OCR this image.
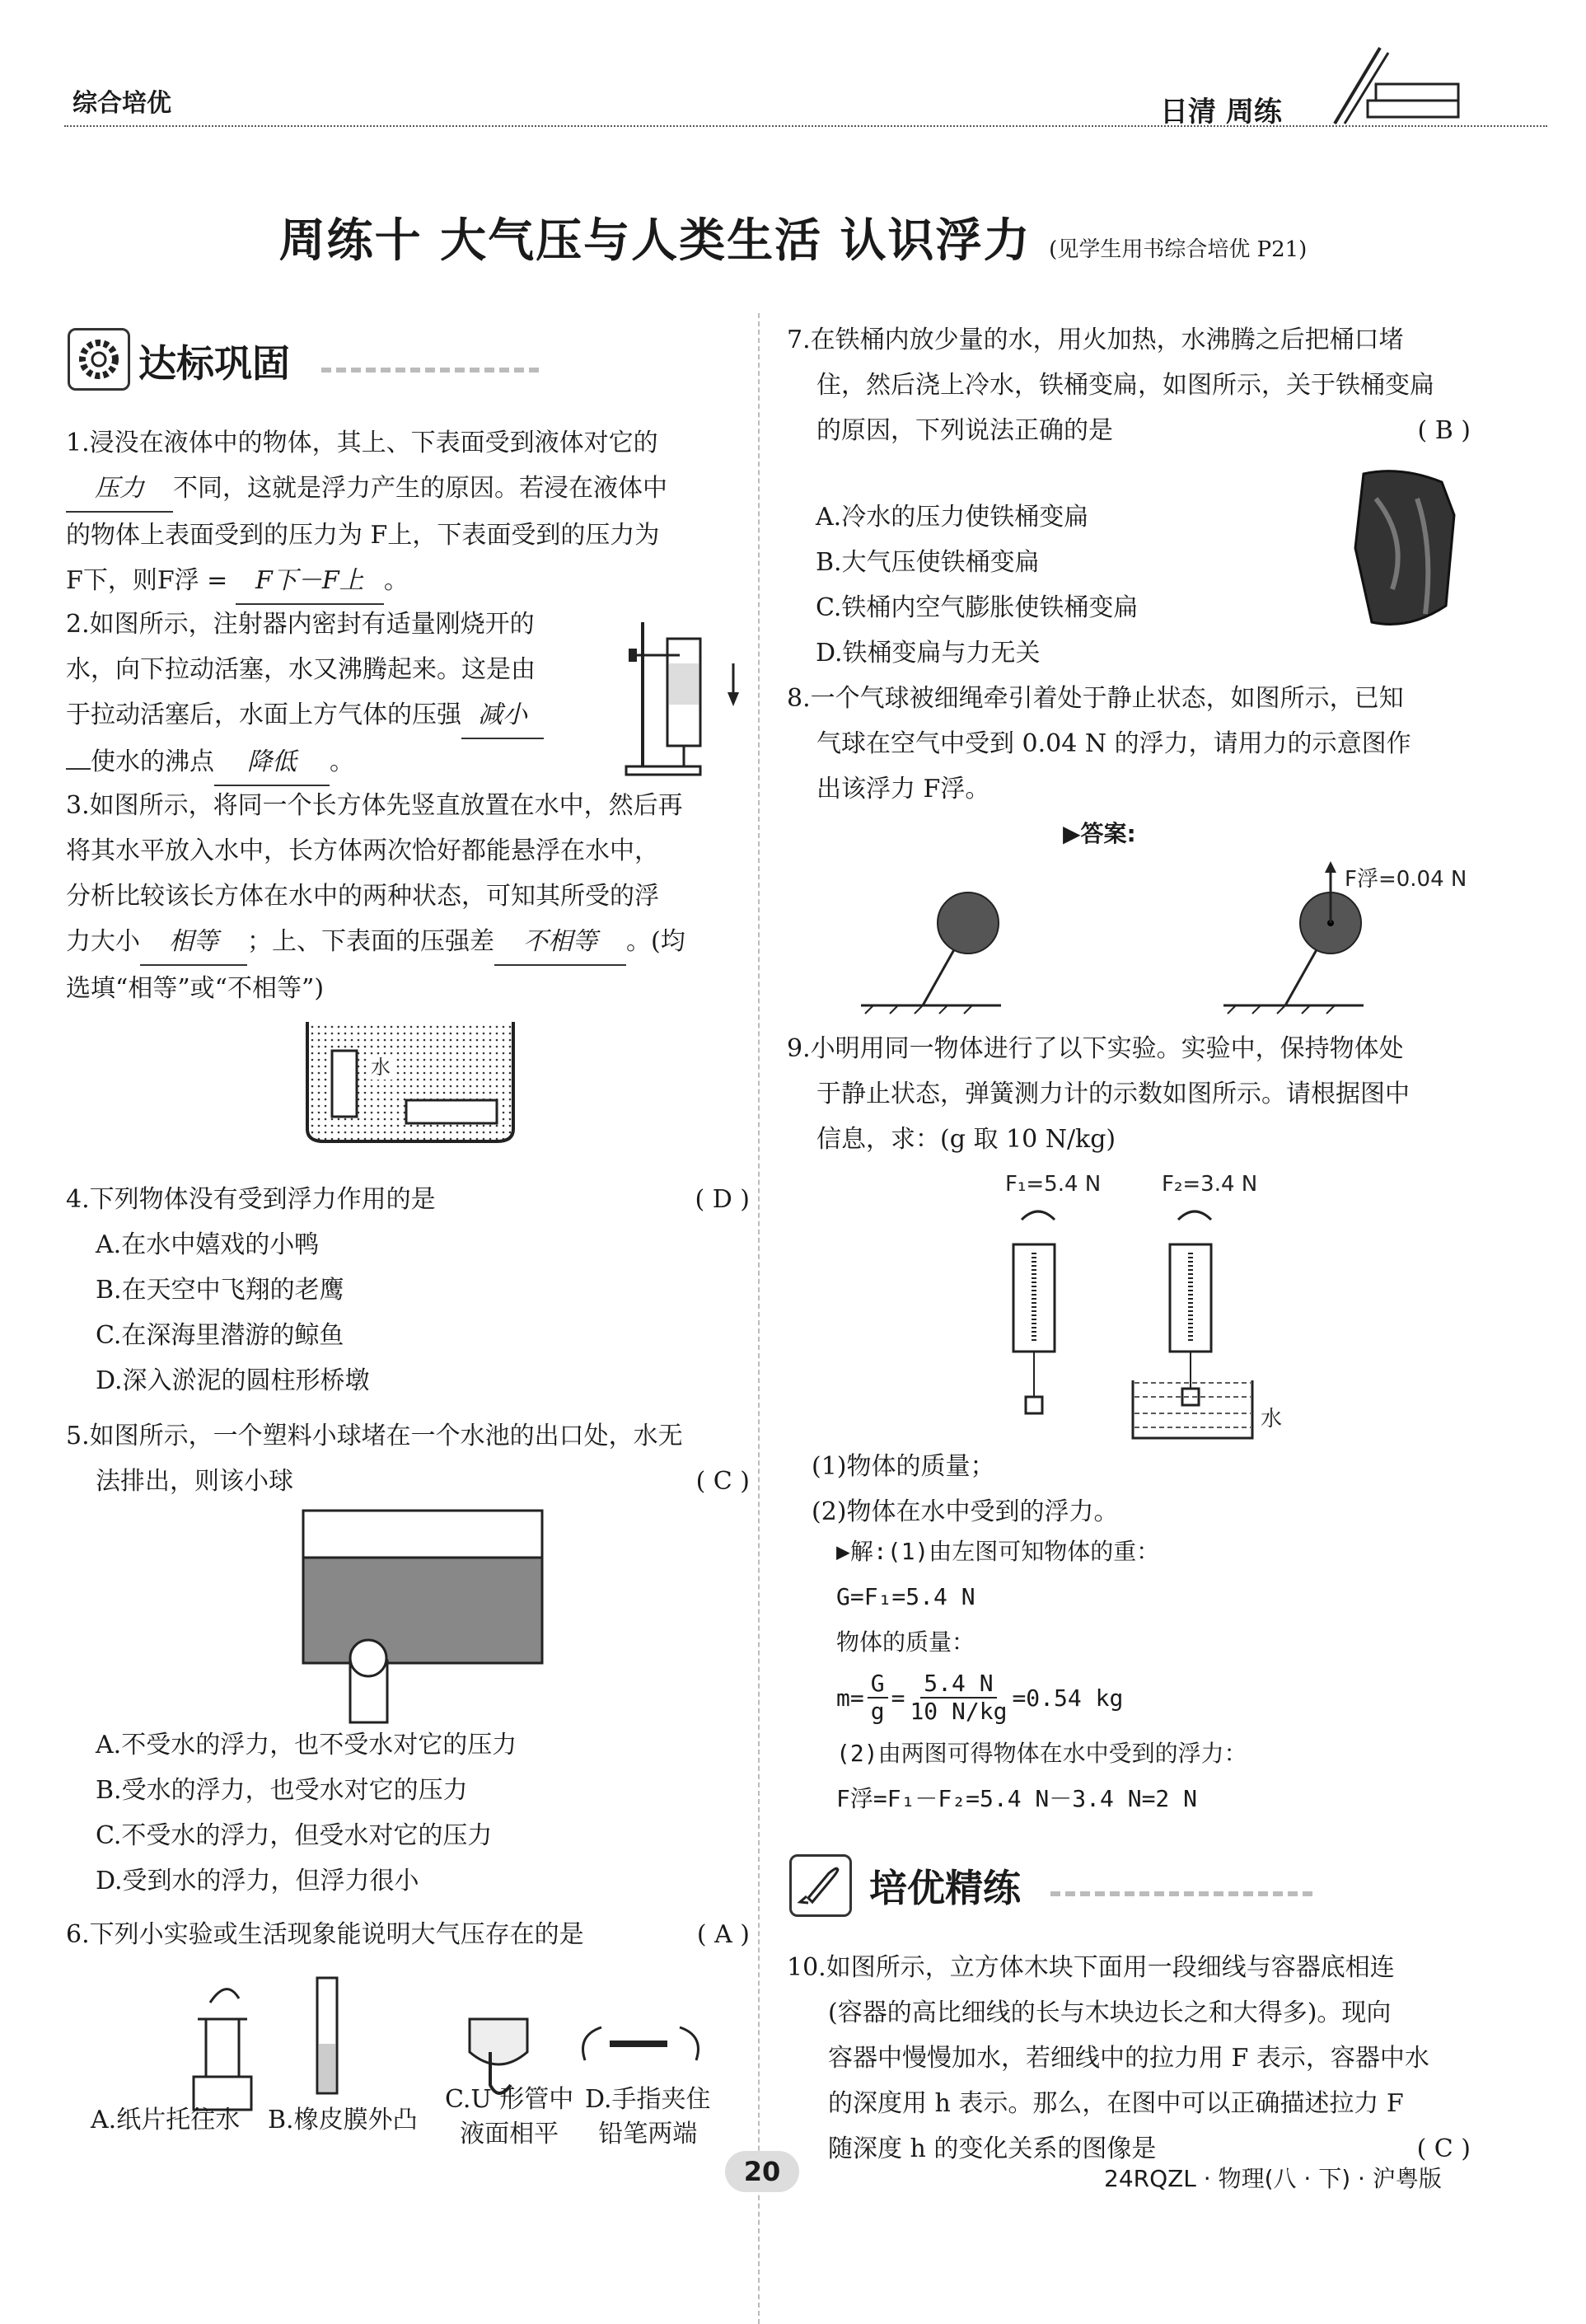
综合培优	日清 周练
周练十 大气压与人类生活 认识浮力 (见学生用书综合培优 P21)
达标巩固
1.浸没在液体中的物体，其上、下表面受到液体对它的
压力 不同，这就是浮力产生的原因。若浸在液体中
的物体上表面受到的压力为 F上，下表面受到的压力为
F下，则F浮 = F下－F上 。
2.如图所示，注射器内密封有适量刚烧开的
水，向下拉动活塞，水又沸腾起来。这是由
于拉动活塞后，水面上方气体的压强 减小
使水的沸点 降低 。
3.如图所示，将同一个长方体先竖直放置在水中，然后再
将其水平放入水中，长方体两次恰好都能悬浮在水中，
分析比较该长方体在水中的两种状态，可知其所受的浮
力大小 相等 ；上、下表面的压强差 不相等 。(均
选填“相等”或“不相等”)
水
4.下列物体没有受到浮力作用的是	( D )
A.在水中嬉戏的小鸭
B.在天空中飞翔的老鹰
C.在深海里潜游的鲸鱼
D.深入淤泥的圆柱形桥墩
5.如图所示，一个塑料小球堵在一个水池的出口处，水无
法排出，则该小球	( C )
A.不受水的浮力，也不受水对它的压力
B.受水的浮力，也受水对它的压力
C.不受水的浮力，但受水对它的压力
D.受到水的浮力，但浮力很小
6.下列小实验或生活现象能说明大气压存在的是	( A )
A.纸片托往水 B.橡皮膜外凸
C.U 形管中
液面相平
D.手指夹住
铅笔两端
7.在铁桶内放少量的水，用火加热，水沸腾之后把桶口堵
住，然后浇上冷水，铁桶变扁，如图所示，关于铁桶变扁
的原因，下列说法正确的是	( B )
A.冷水的压力使铁桶变扁
B.大气压使铁桶变扁
C.铁桶内空气膨胀使铁桶变扁
D.铁桶变扁与力无关
8.一个气球被细绳牵引着处于静止状态，如图所示，已知
气球在空气中受到 0.04 N 的浮力，请用力的示意图作
出该浮力 F浮。
▶答案:
F浮=0.04 N
9.小明用同一物体进行了以下实验。实验中，保持物体处
于静止状态，弹簧测力计的示数如图所示。请根据图中
信息，求：(g 取 10 N/kg)
F₁=5.4 N	F₂=3.4 N
水
(1)物体的质量；
(2)物体在水中受到的浮力。
▶解:(1)由左图可知物体的重：
G=F₁=5.4 N
物体的质量：
$m= \frac{G}{g} = \frac{5.4 N}{10 N/kg} =0.54$ kg
(2)由两图可得物体在水中受到的浮力：
F浮=F₁－F₂=5.4 N－3.4 N=2 N
培优精练
10.如图所示，立方体木块下面用一段细线与容器底相连
(容器的高比细线的长与木块边长之和大得多)。现向
容器中慢慢加水，若细线中的拉力用 F 表示，容器中水
的深度用 h 表示。那么，在图中可以正确描述拉力 F
随深度 h 的变化关系的图像是	( C )
20	24RQZL · 物理(八 · 下) · 沪粤版
